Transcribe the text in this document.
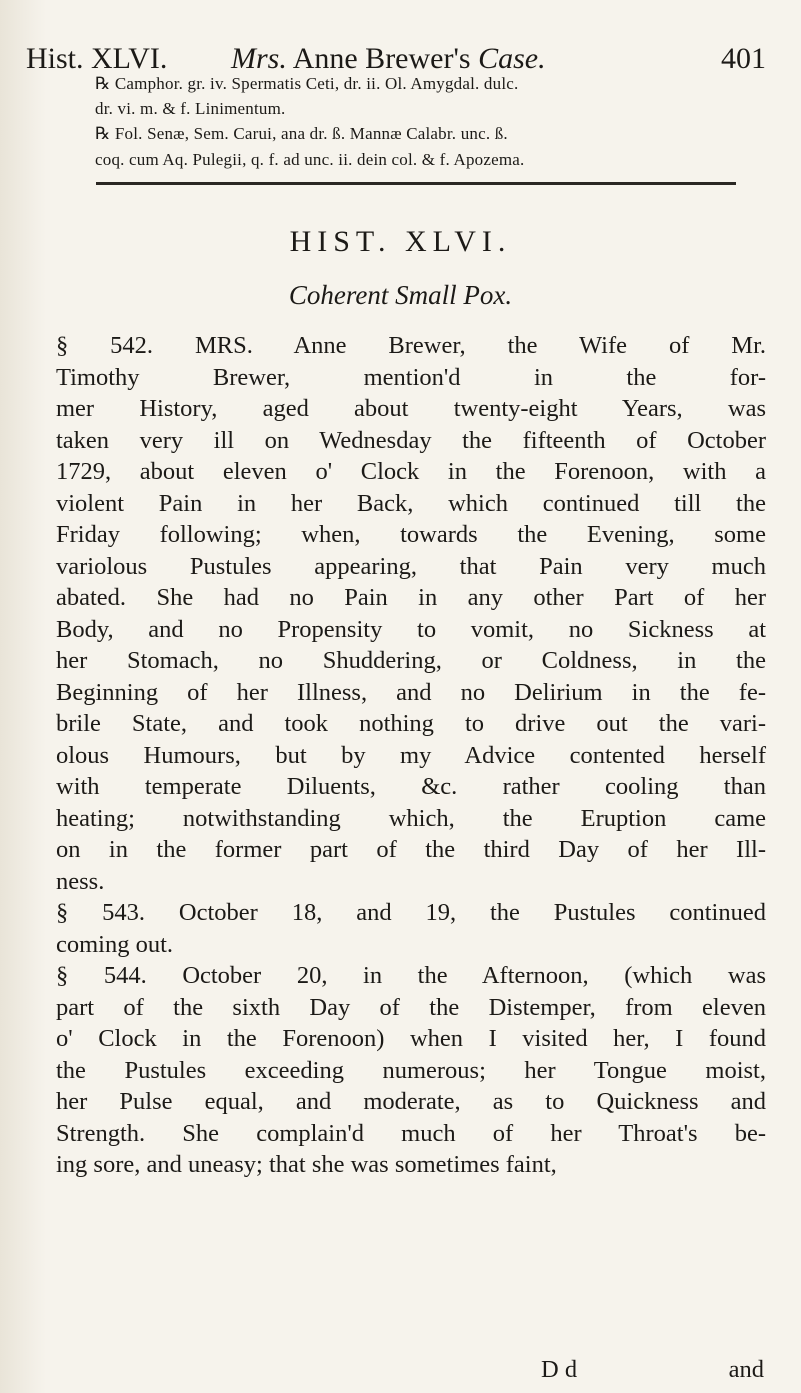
Hist. XLVI. Mrs. Anne Brewer's Case.	401
℞ Camphor. gr. iv. Spermatis Ceti, dr. ii. Ol. Amygdal. dulc.
dr. vi. m. & f. Linimentum.
℞ Fol. Senæ, Sem. Carui, ana dr. ß. Mannæ Calabr. unc. ß.
HIST. XLVI.
Coherent Small Pox.
§ 542. MRS. Anne Brewer, the Wife of Mr.
Timothy Brewer, mention'd in the for-
mer History, aged about twenty-eight Years, was
taken very ill on Wednesday the fifteenth of October
1729, about eleven o' Clock in the Forenoon, with a
violent Pain in her Back, which continued till the
Friday following; when, towards the Evening, some
variolous Pustules appearing, that Pain very much
abated. She had no Pain in any other Part of her
Body, and no Propensity to vomit, no Sickness at
her Stomach, no Shuddering, or Coldness, in the
Beginning of her Illness, and no Delirium in the fe-
brile State, and took nothing to drive out the vari-
olous Humours, but by my Advice contented herself
with temperate Diluents, &c. rather cooling than
heating; notwithstanding which, the Eruption came
on in the former part of the third Day of her Ill-
ness.
§ 543. October 18, and 19, the Pustules continued
coming out.
§ 544. October 20, in the Afternoon, (which was
part of the sixth Day of the Distemper, from eleven
o' Clock in the Forenoon) when I visited her, I found
the Pustules exceeding numerous; her Tongue moist,
her Pulse equal, and moderate, as to Quickness and
Strength. She complain'd much of her Throat's be-
ing sore, and uneasy; that she was sometimes faint,
D d	and
coq. cum Aq. Pulegii, q. f. ad unc. ii. dein col. & f. Apozema.
